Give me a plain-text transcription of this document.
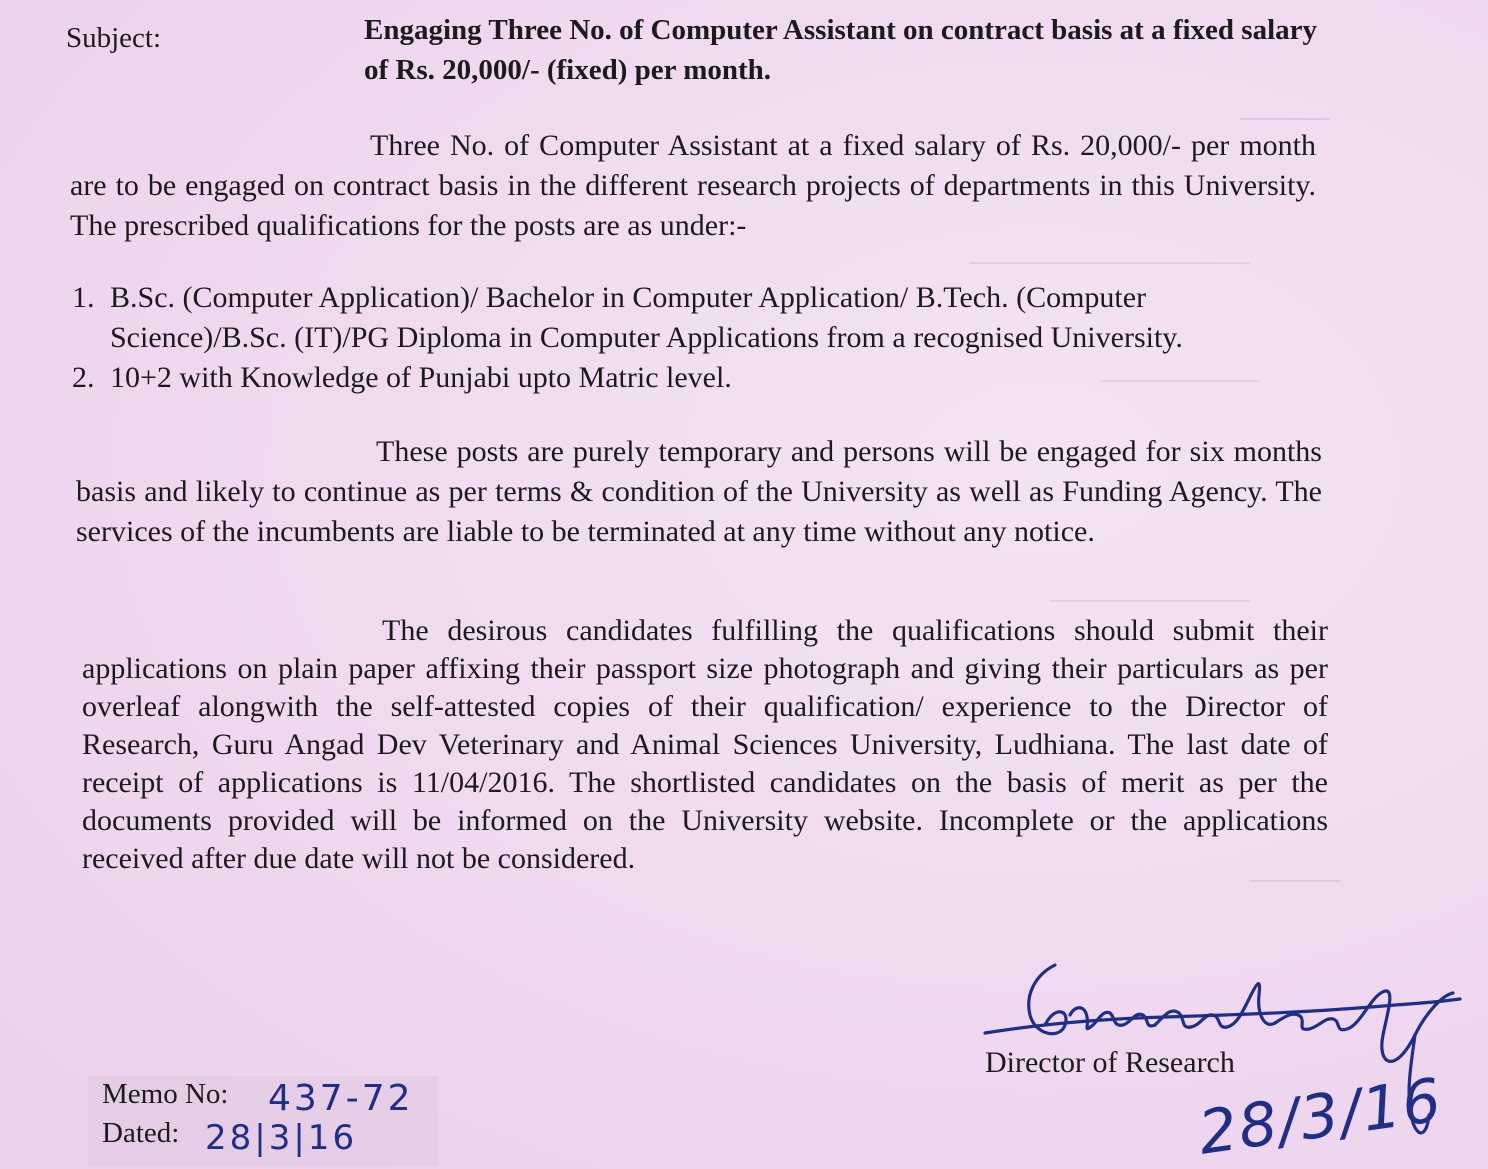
Subject:	Engaging Three No. of Computer Assistant on contract basis at a fixed salary of Rs. 20,000/- (fixed) per month.
Three No. of Computer Assistant at a fixed salary of Rs. 20,000/- per month are to be engaged on contract basis in the different research projects of departments in this University. The prescribed qualifications for the posts are as under:-
1. B.Sc. (Computer Application)/ Bachelor in Computer Application/ B.Tech. (Computer Science)/B.Sc. (IT)/PG Diploma in Computer Applications from a recognised University.
2. 10+2 with Knowledge of Punjabi upto Matric level.
These posts are purely temporary and persons will be engaged for six months basis and likely to continue as per terms & condition of the University as well as Funding Agency. The services of the incumbents are liable to be terminated at any time without any notice.
The desirous candidates fulfilling the qualifications should submit their applications on plain paper affixing their passport size photograph and giving their particulars as per overleaf alongwith the self-attested copies of their qualification/ experience to the Director of Research, Guru Angad Dev Veterinary and Animal Sciences University, Ludhiana. The last date of receipt of applications is 11/04/2016. The shortlisted candidates on the basis of merit as per the documents provided will be informed on the University website. Incomplete or the applications received after due date will not be considered.
Director of Research
28/3/16
Memo No: 437-72
Dated: 28|3|16
